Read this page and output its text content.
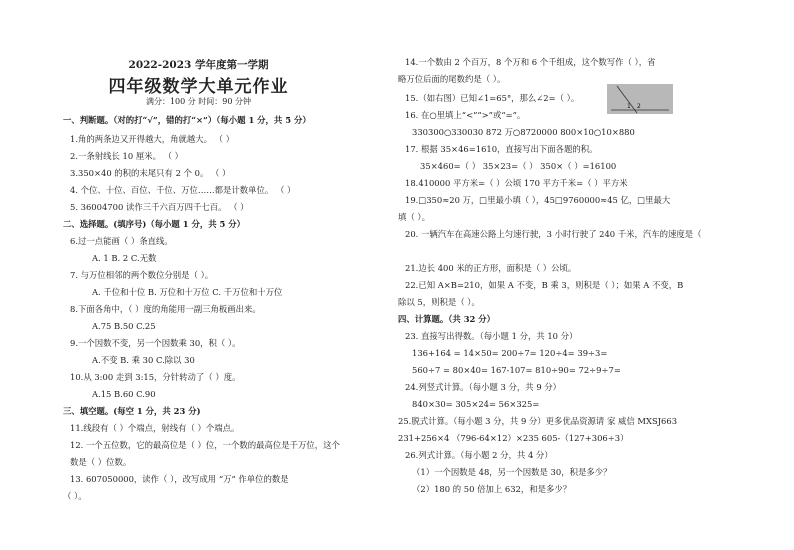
2022-2023 学年度第一学期
四年级数学大单元作业
满分：100 分 时间：90 分钟
一、判断题。（对的打“√”，错的打“×”）（每小题 1 分，共 5 分）
1.角的两条边又开得越大，角就越大。 （ ）
2.一条射线长 10 厘米。 （ ）
3.350×40 的积的末尾只有 2 个 0。 （ ）
4. 个位、十位、百位、千位、万位……都是计数单位。 （ ）
5. 36004700 读作三千六百万四千七百。 （ ）
二、选择题。(填序号)（每小题 1 分，共 5 分）
6.过一点能画（ ）条直线。
A. 1 B. 2 C.无数
7. 与万位相邻的两个数位分别是（ ）。
A. 千位和十位 B. 万位和十万位 C. 千万位和十万位
8.下面各角中，（ ）度的角能用一副三角板画出来。
A.75 B.50 C.25
9.一个因数不变，另一个因数乘 30，积（ ）。
A.不变 B. 乘 30 C.除以 30
10.从 3:00 走到 3:15，分针转动了（ ）度。
A.15 B.60 C.90
三、填空题。(每空 1 分，共 23 分)
11.线段有（ ）个端点，射线有（ ）个端点。
12. 一个五位数，它的最高位是（ ）位，一个数的最高位是千万位，这个
数是（ ）位数。
13. 607050000，读作（ ），改写成用 “万” 作单位的数是
（ ）。
14.一个数由 2 个百万，8 个万和 6 个千组成，这个数写作（ ），省
略万位后面的尾数约是（ ）。
15.（如右图）已知∠1=65°，那么∠2=（ ）。
1 2
16. 在○里填上“<”“>”或“=”。
330300○330030 872 万○8720000 800×10○10×880
17. 根据 35×46=1610，直接写出下面各题的积。
35×460=（ ） 35×23=（ ） 350×（ ）=16100
18.410000 平方米=（ ）公顷 170 平方千米=（ ）平方米
19.□350≈20 万，□里最小填（ ），45□9760000≈45 亿，□里最大
填（ ）。
20. 一辆汽车在高速公路上匀速行驶，3 小时行驶了 240 千米，汽车的速度是（
21.边长 400 米的正方形，面积是（ ）公顷。
22.已知 A×B=210，如果 A 不变，B 乘 3，则积是（ ）；如果 A 不变，B
除以 5，则积是（ ）。
四、计算题。（共 32 分）
23. 直接写出得数。（每小题 1 分，共 10 分）
136+164 = 14×50= 200÷7= 120÷4= 39÷3=
560÷7 = 80×40= 167-107= 810÷90= 72÷9÷7=
24.列竖式计算。（每小题 3 分，共 9 分）
840×30= 305×24= 56×325=
25.脱式计算。（每小题 3 分，共 9 分）更多优品资源请 家 威信 MXSJ663
231+256×4 （796-64×12）×235 605-（127+306÷3）
26.列式计算。（每小题 2 分，共 4 分）
（1）一个因数是 48，另一个因数是 30，积是多少？
（2）180 的 50 倍加上 632，和是多少？
